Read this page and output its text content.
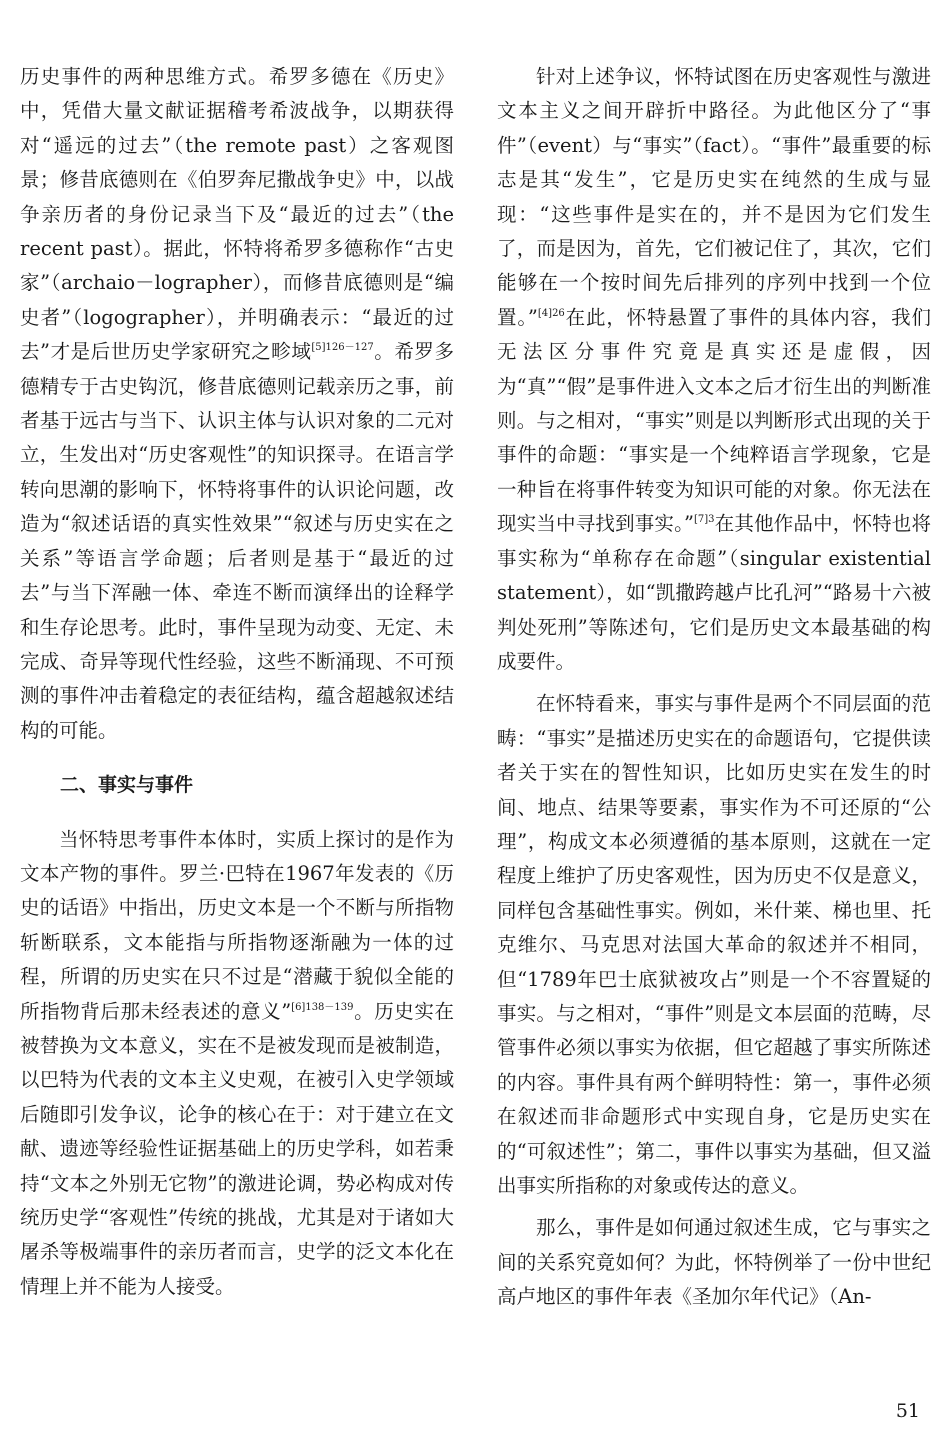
历史事件的两种思维方式。希罗多德在《历史》中，凭借大量文献证据稽考希波战争，以期获得对“遥远的过去”（the remote past）之客观图景；修昔底德则在《伯罗奔尼撒战争史》中，以战争亲历者的身份记录当下及“最近的过去”（the recent past）。据此，怀特将希罗多德称作“古史家”（archaio－lographer），而修昔底德则是“编史者”（logographer），并明确表示：“最近的过去”才是后世历史学家研究之畛域$^{[5]126-127}$。希罗多德精专于古史钩沉，修昔底德则记载亲历之事，前者基于远古与当下、认识主体与认识对象的二元对立，生发出对“历史客观性”的知识探寻。在语言学转向思潮的影响下，怀特将事件的认识论问题，改造为“叙述话语的真实性效果”“叙述与历史实在之关系”等语言学命题；后者则是基于“最近的过去”与当下浑融一体、牵连不断而演绎出的诠释学和生存论思考。此时，事件呈现为动变、无定、未完成、奇异等现代性经验，这些不断涌现、不可预测的事件冲击着稳定的表征结构，蕴含超越叙述结构的可能。

二、事实与事件

当怀特思考事件本体时，实质上探讨的是作为文本产物的事件。罗兰·巴特在1967年发表的《历史的话语》中指出，历史文本是一个不断与所指物斩断联系，文本能指与所指物逐渐融为一体的过程，所谓的历史实在只不过是“潜藏于貌似全能的所指物背后那未经表述的意义”$^{[6]138-139}$。历史实在被替换为文本意义，实在不是被发现而是被制造，以巴特为代表的文本主义史观，在被引入史学领域后随即引发争议，论争的核心在于：对于建立在文献、遗迹等经验性证据基础上的历史学科，如若秉持“文本之外别无它物”的激进论调，势必构成对传统历史学“客观性”传统的挑战，尤其是对于诸如大屠杀等极端事件的亲历者而言，史学的泛文本化在情理上并不能为人接受。

针对上述争议，怀特试图在历史客观性与激进文本主义之间开辟折中路径。为此他区分了“事件”（event）与“事实”（fact）。“事件”最重要的标志是其“发生”，它是历史实在纯然的生成与显现：“这些事件是实在的，并不是因为它们发生了，而是因为，首先，它们被记住了，其次，它们能够在一个按时间先后排列的序列中找到一个位置。”$^{[4]26}$在此，怀特悬置了事件的具体内容，我们无法区分事件究竟是真实还是虚假，因为“真”“假”是事件进入文本之后才衍生出的判断准则。与之相对，“事实”则是以判断形式出现的关于事件的命题：“事实是一个纯粹语言学现象，它是一种旨在将事件转变为知识可能的对象。你无法在现实当中寻找到事实。”$^{[7]3}$在其他作品中，怀特也将事实称为“单称存在命题”（singular existential statement），如“凯撒跨越卢比孔河”“路易十六被判处死刑”等陈述句，它们是历史文本最基础的构成要件。

在怀特看来，事实与事件是两个不同层面的范畴：“事实”是描述历史实在的命题语句，它提供读者关于实在的智性知识，比如历史实在发生的时间、地点、结果等要素，事实作为不可还原的“公理”，构成文本必须遵循的基本原则，这就在一定程度上维护了历史客观性，因为历史不仅是意义，同样包含基础性事实。例如，米什莱、梯也里、托克维尔、马克思对法国大革命的叙述并不相同，但“1789年巴士底狱被攻占”则是一个不容置疑的事实。与之相对，“事件”则是文本层面的范畴，尽管事件必须以事实为依据，但它超越了事实所陈述的内容。事件具有两个鲜明特性：第一，事件必须在叙述而非命题形式中实现自身，它是历史实在的“可叙述性”；第二，事件以事实为基础，但又溢出事实所指称的对象或传达的意义。

那么，事件是如何通过叙述生成，它与事实之间的关系究竟如何？为此，怀特例举了一份中世纪高卢地区的事件年表《圣加尔年代记》（An-

51
